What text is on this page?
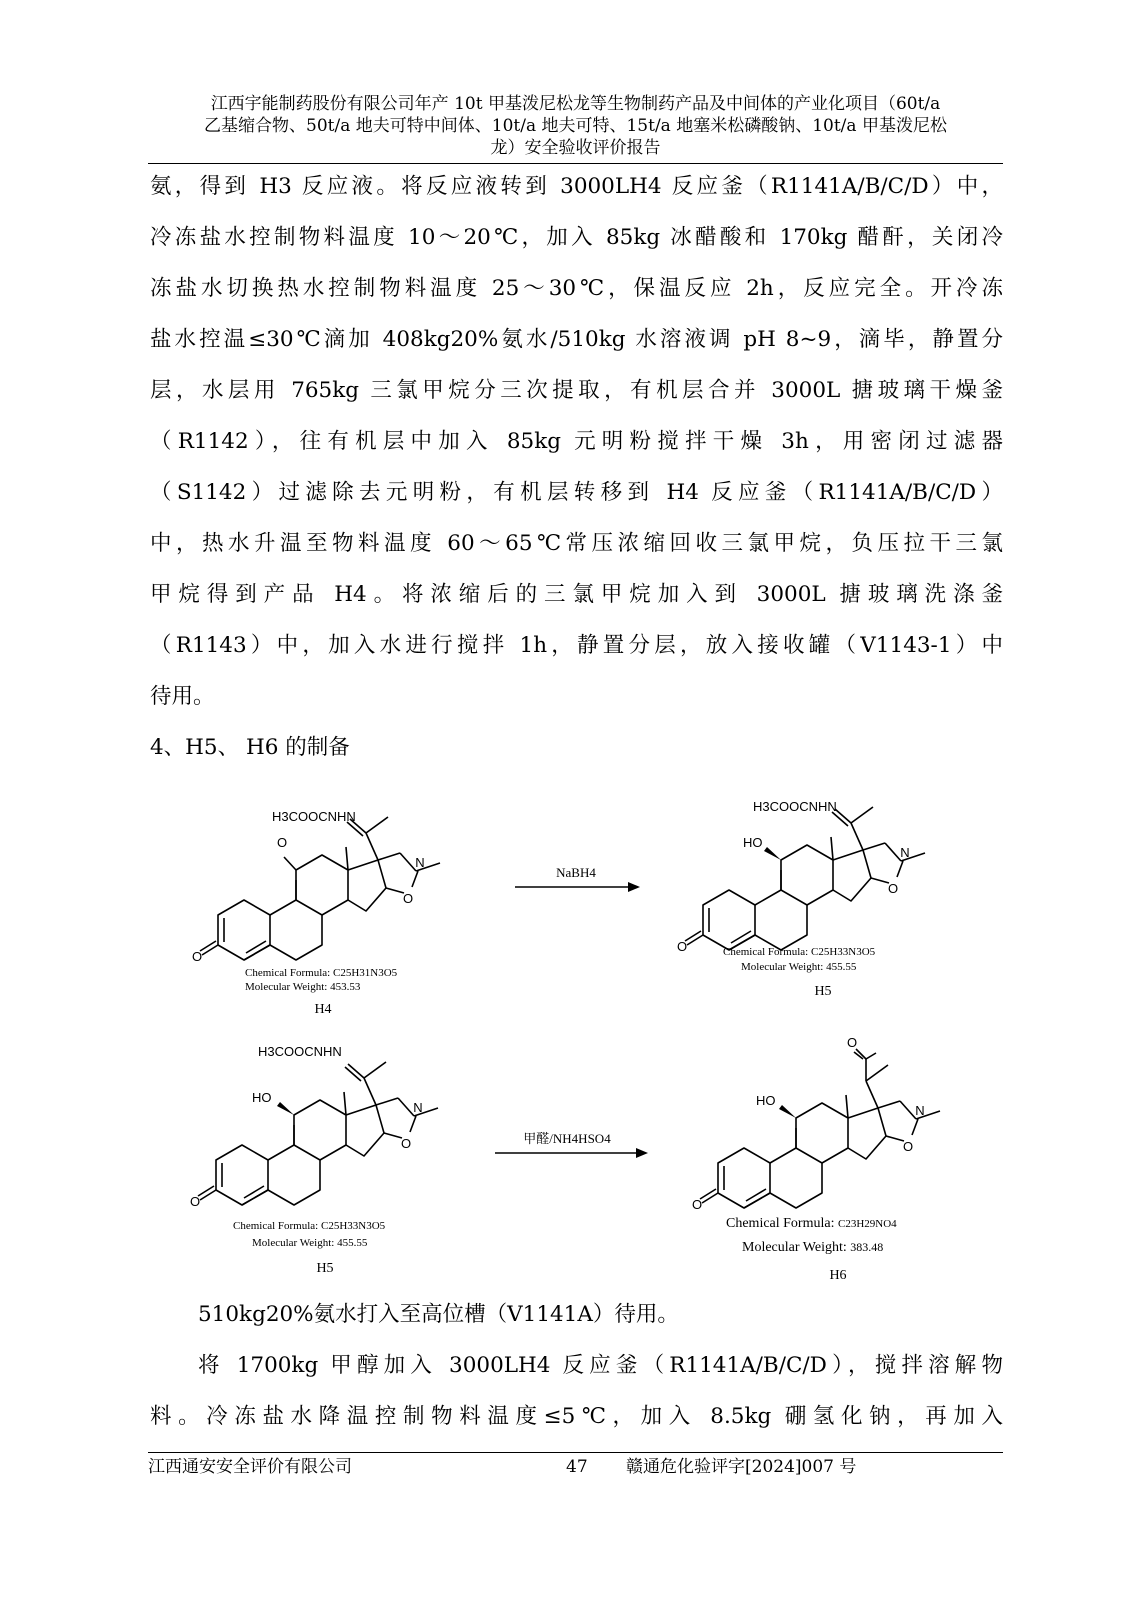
江西宇能制药股份有限公司年产 10t 甲基泼尼松龙等生物制药产品及中间体的产业化项目（60t/a
乙基缩合物、50t/a 地夫可特中间体、10t/a 地夫可特、15t/a 地塞米松磷酸钠、10t/a 甲基泼尼松
龙）安全验收评价报告
氨，得到 H3 反应液。将反应液转到 3000LH4 反应釜（R1141A/B/C/D）中，
冷冻盐水控制物料温度 10～20℃，加入 85kg 冰醋酸和 170kg 醋酐，关闭冷
冻盐水切换热水控制物料温度 25～30℃，保温反应 2h，反应完全。开冷冻
盐水控温≤30℃滴加 408kg20%氨水/510kg 水溶液调 pH 8~9，滴毕，静置分
层，水层用 765kg 三氯甲烷分三次提取，有机层合并 3000L 搪玻璃干燥釜
（R1142），往有机层中加入 85kg 元明粉搅拌干燥 3h，用密闭过滤器
（S1142）过滤除去元明粉，有机层转移到 H4 反应釜（R1141A/B/C/D）
中，热水升温至物料温度 60～65℃常压浓缩回收三氯甲烷，负压拉干三氯
甲烷得到产品 H4。将浓缩后的三氯甲烷加入到 3000L 搪玻璃洗涤釜
（R1143）中，加入水进行搅拌 1h，静置分层，放入接收罐（V1143-1）中
待用。
4、H5、 H6 的制备
O
H3COOCNHN
N
O
O
Chemical Formula: C25H31N3O5
Molecular Weight: 453.53
H4
NaBH4
HO
H3COOCNHN
N
O
O	Chemical Formula: C25H33N3O5
Molecular Weight: 455.55
H5
HO
H3COOCNHN
N
O
O
Chemical Formula: C25H33N3O5
Molecular Weight: 455.55
H5
甲醛/NH4HSO4
HO
O
N
O
O
Chemical Formula: C23H29NO4
Molecular Weight: 383.48
H6
510kg20%氨水打入至高位槽（V1141A）待用。
将 1700kg 甲醇加入 3000LH4 反应釜（R1141A/B/C/D），搅拌溶解物
料。冷冻盐水降温控制物料温度≤5℃，加入 8.5kg 硼氢化钠，再加入
江西通安安全评价有限公司	47 赣通危化验评字[2024]007 号
